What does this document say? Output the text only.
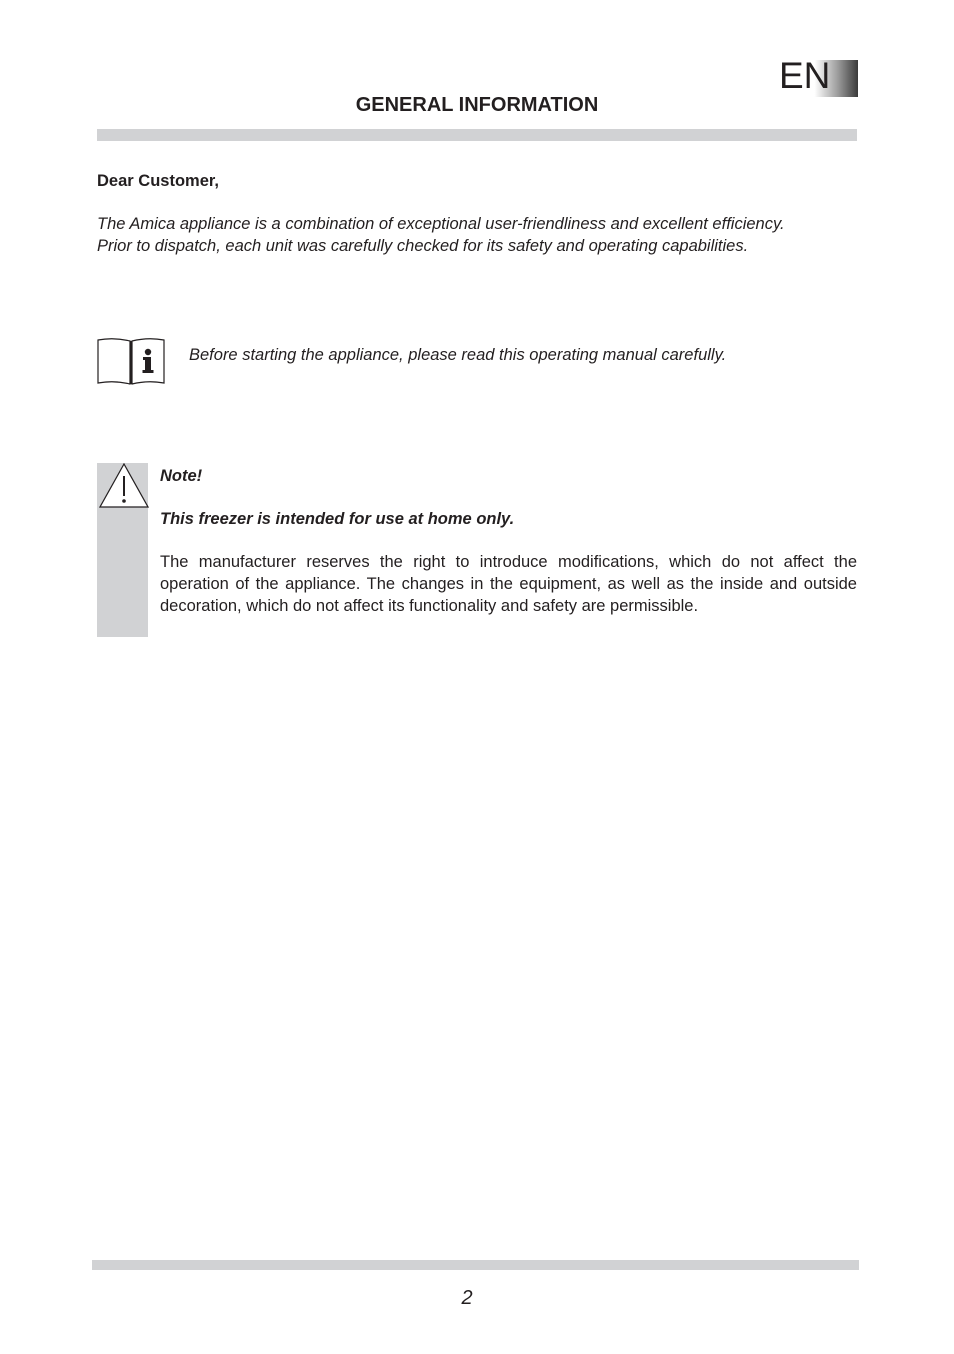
EN
GENERAL INFORMATION
Dear Customer,

The Amica appliance is a combination of exceptional user-friendliness and excellent efficiency.

Prior to dispatch, each unit was carefully checked for its safety and operating capabilities.

Before starting the appliance, please read this operating manual carefully.
Note!
This freezer is intended for use at home only.

The manufacturer reserves the right to introduce modifications, which do not affect the operation of the appliance. The changes in the equipment, as well as the inside and outside decoration, which do not affect its functionality and safety are permissible.

2
